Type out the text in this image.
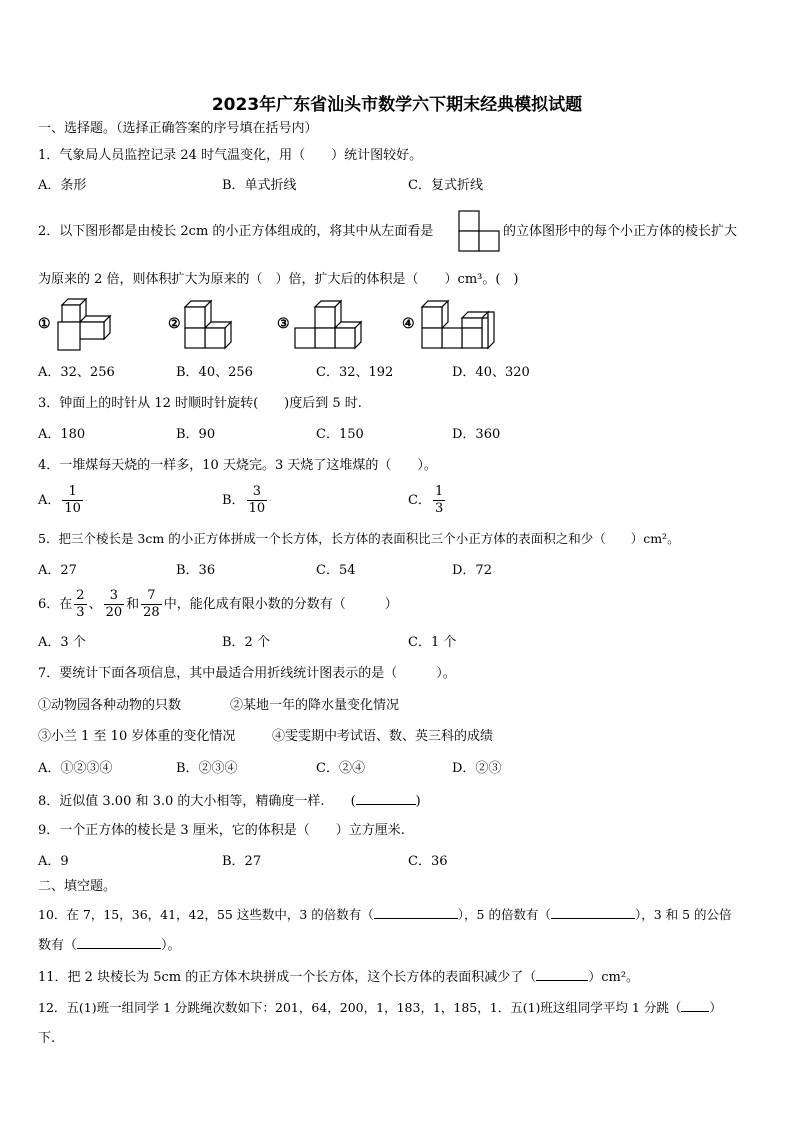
2023年广东省汕头市数学六下期末经典模拟试题
一、选择题。（选择正确答案的序号填在括号内）
1．气象局人员监控记录 24 时气温变化，用（　　）统计图较好。
A．条形	B．单式折线	C．复式折线
2．以下图形都是由棱长 2cm 的小正方体组成的，将其中从左面看是	的立体图形中的每个小正方体的棱长扩大
为原来的 2 倍，则体积扩大为原来的（　）倍，扩大后的体积是（　　）cm³。(　)
①	②	③	④
A．32、256	B．40、256	C．32、192	D．40、320
3．钟面上的时针从 12 时顺时针旋转(　　)度后到 5 时.
A．180	B．90	C．150	D．360
4．一堆煤每天烧的一样多，10 天烧完。3 天烧了这堆煤的（　　）。
A． $\frac{1}{10}$	B． $\frac{3}{10}$	C． $\frac{1}{3}$
5．把三个棱长是 3cm 的小正方体拼成一个长方体，长方体的表面积比三个小正方体的表面积之和少（　　）cm²。
A．27	B．36	C．54	D．72
6．在 $\frac{2}{3}$ 、 $\frac{3}{20}$ 和 $\frac{7}{28}$ 中，能化成有限小数的分数有（　　　）
A．3 个	B．2 个	C．1 个
7．要统计下面各项信息，其中最适合用折线统计图表示的是（　　　）。
①动物园各种动物的只数	②某地一年的降水量变化情况
③小兰 1 至 10 岁体重的变化情况	④雯雯期中考试语、数、英三科的成绩
A．①②③④	B．②③④	C．②④	D．②③
8．近似值 3.00 和 3.0 的大小相等，精确度一样. (	)
9．一个正方体的棱长是 3 厘米，它的体积是（　　）立方厘米.
A．9	B．27	C．36
二、填空题。
10．在 7，15，36，41，42，55 这些数中，3 的倍数有（	），5 的倍数有（	），3 和 5 的公倍
数有（	）。
11．把 2 块棱长为 5cm 的正方体木块拼成一个长方体，这个长方体的表面积减少了（	）cm²。
12．五(1)班一组同学 1 分跳绳次数如下：201，64，200，1，183，1，185，1．五(1)班这组同学平均 1 分跳（ ）
下.
